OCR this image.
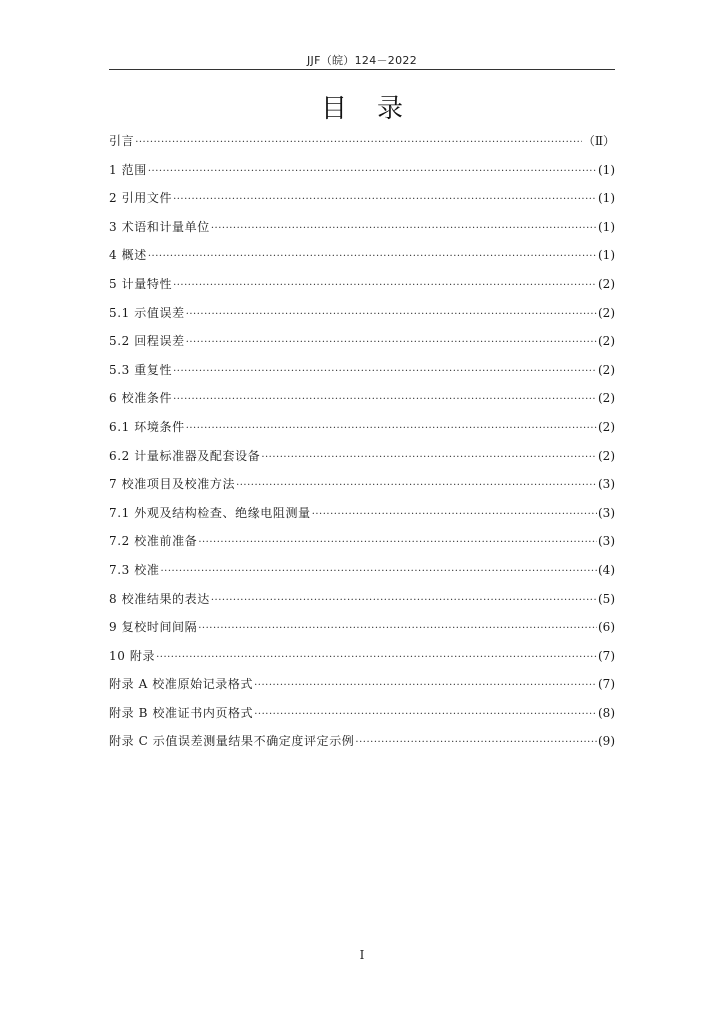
JJF（皖）124－2022
目 录
引言 ·····	（Ⅱ）
1 范围 ·····	(1)
2 引用文件 ·····	(1)
3 术语和计量单位 ·····	(1)
4 概述 ·····	(1)
5 计量特性 ·····	(2)
5.1 示值误差 ·····	(2)
5.2 回程误差 ·····	(2)
5.3 重复性 ·····	(2)
6 校准条件 ·····	(2)
6.1 环境条件 ·····	(2)
6.2 计量标准器及配套设备 ·····	(2)
7 校准项目及校准方法 ·····	(3)
7.1 外观及结构检查、绝缘电阻测量 ·····	(3)
7.2 校准前准备 ·····	(3)
7.3 校准 ·····	(4)
8 校准结果的表达 ·····	(5)
9 复校时间间隔 ·····	(6)
10 附录 ·····	(7)
附录 A 校准原始记录格式 ·····	(7)
附录 B 校准证书内页格式 ·····	(8)
附录 C 示值误差测量结果不确定度评定示例 ·····	(9)
I
